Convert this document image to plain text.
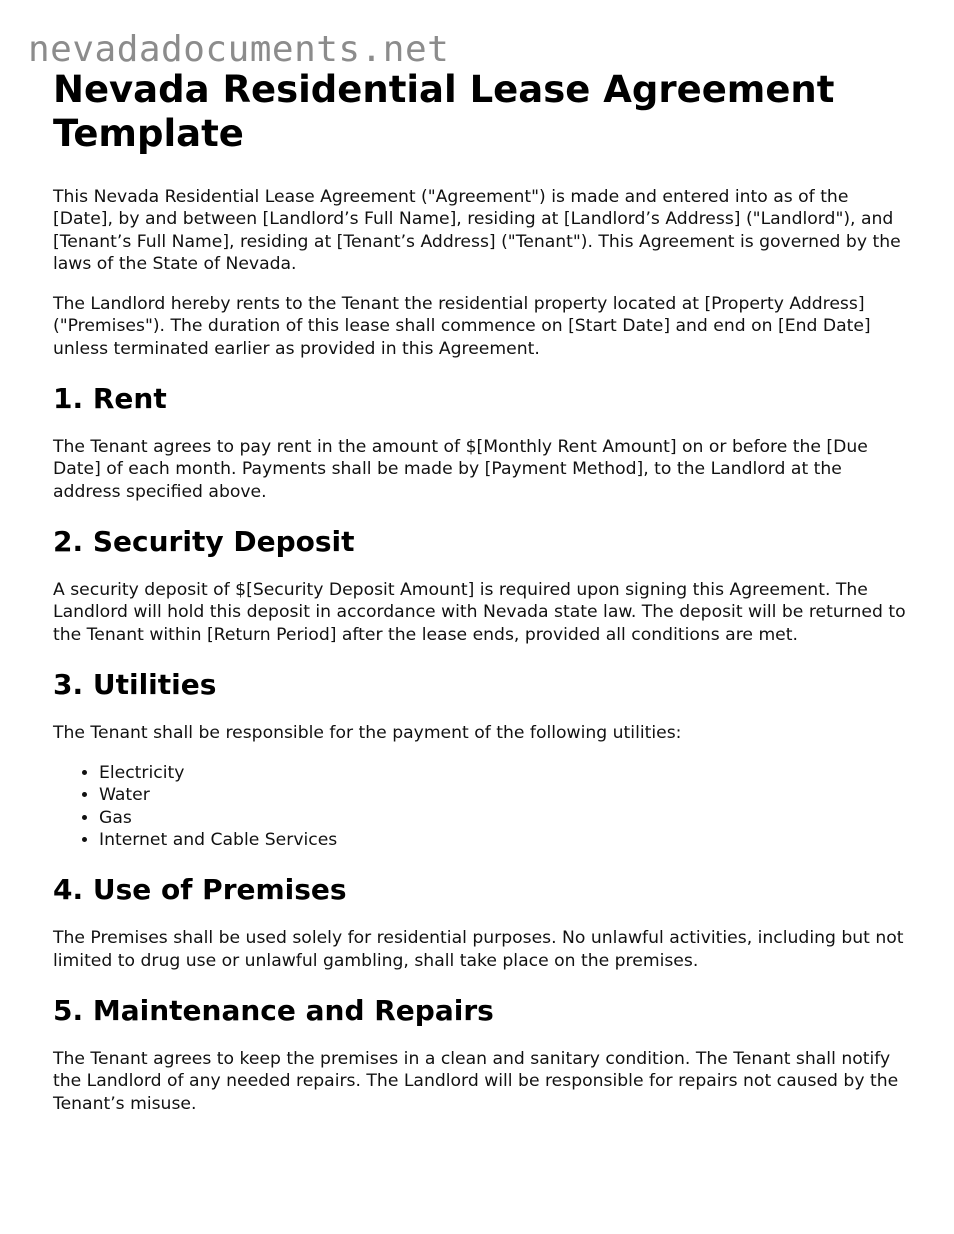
nevadadocuments.net
Nevada Residential Lease Agreement Template

This Nevada Residential Lease Agreement ("Agreement") is made and entered into as of the [Date], by and between [Landlord’s Full Name], residing at [Landlord’s Address] ("Landlord"), and [Tenant’s Full Name], residing at [Tenant’s Address] ("Tenant"). This Agreement is governed by the laws of the State of Nevada.

The Landlord hereby rents to the Tenant the residential property located at [Property Address] ("Premises"). The duration of this lease shall commence on [Start Date] and end on [End Date] unless terminated earlier as provided in this Agreement.

1. Rent

The Tenant agrees to pay rent in the amount of $[Monthly Rent Amount] on or before the [Due Date] of each month. Payments shall be made by [Payment Method], to the Landlord at the address specified above.

2. Security Deposit

A security deposit of $[Security Deposit Amount] is required upon signing this Agreement. The Landlord will hold this deposit in accordance with Nevada state law. The deposit will be returned to the Tenant within [Return Period] after the lease ends, provided all conditions are met.

3. Utilities

The Tenant shall be responsible for the payment of the following utilities:

• Electricity
• Water
• Gas
• Internet and Cable Services
4. Use of Premises

The Premises shall be used solely for residential purposes. No unlawful activities, including but not limited to drug use or unlawful gambling, shall take place on the premises.

5. Maintenance and Repairs

The Tenant agrees to keep the premises in a clean and sanitary condition. The Tenant shall notify the Landlord of any needed repairs. The Landlord will be responsible for repairs not caused by the Tenant’s misuse.
